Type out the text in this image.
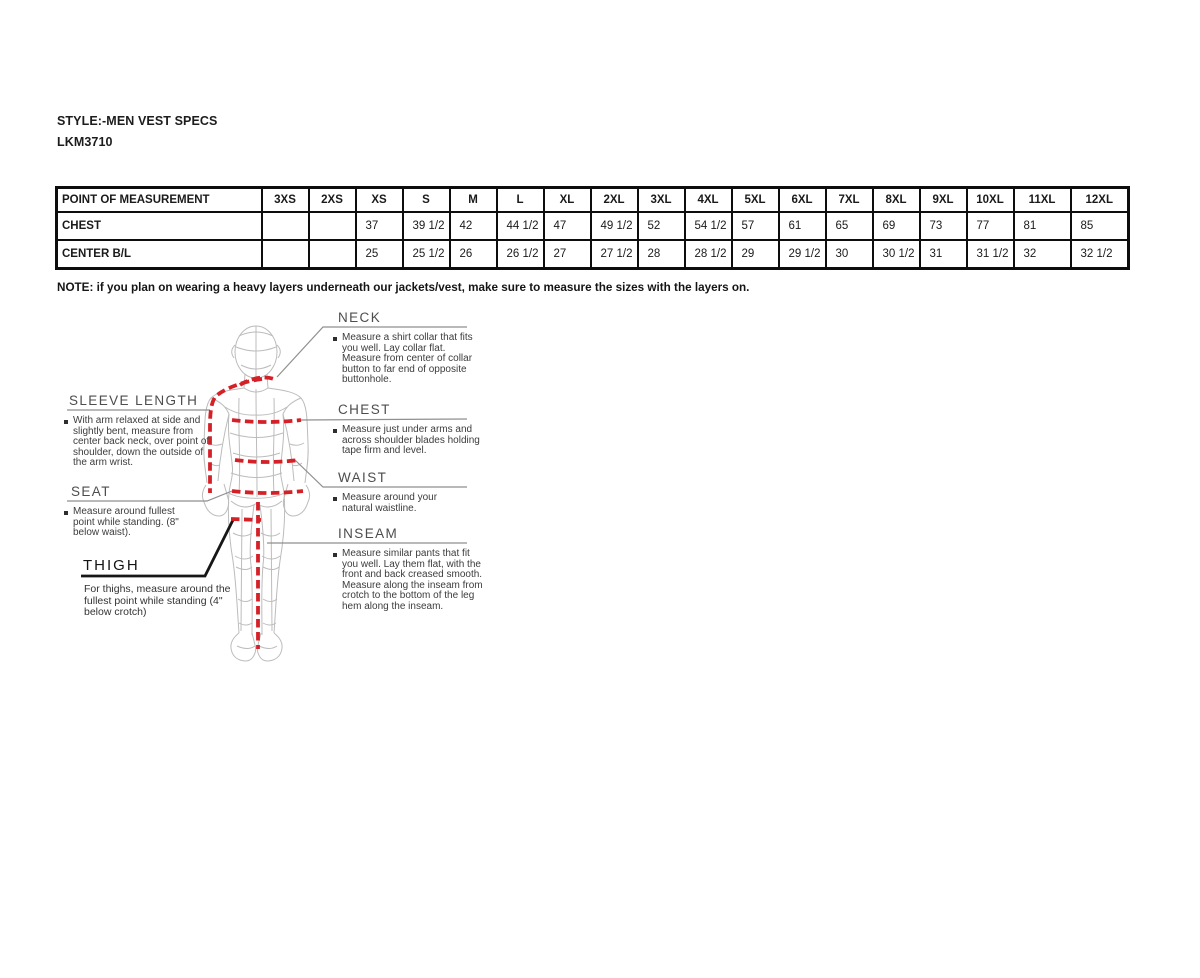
STYLE:-MEN VEST SPECS
LKM3710
POINT OF MEASUREMENT	3XS	2XS	XS	S	M	L	XL	2XL	3XL	4XL	5XL	6XL	7XL	8XL	9XL	10XL	11XL	12XL
CHEST			37	39 1/2	42	44 1/2	47	49 1/2	52	54 1/2	57	61	65	69	73	77	81	85
CENTER B/L			25	25 1/2	26	26 1/2	27	27 1/2	28	28 1/2	29	29 1/2	30	30 1/2	31	31 1/2	32	32 1/2
NOTE: if you plan on wearing a heavy layers underneath our jackets/vest, make sure to measure the sizes with the layers on.
NECK
Measure a shirt collar that fits you well. Lay collar flat. Measure from center of collar button to far end of opposite buttonhole.
CHEST
Measure just under arms and across shoulder blades holding tape firm and level.
WAIST
Measure around your natural waistline.
INSEAM
Measure similar pants that fit you well. Lay them flat, with the front and back creased smooth. Measure along the inseam from crotch to the bottom of the leg hem along the inseam.
SLEEVE LENGTH
With arm relaxed at side and slightly bent, measure from center back neck, over point of shoulder, down the outside of the arm wrist.
SEAT
Measure around fullest point while standing. (8" below waist).
THIGH
For thighs, measure around the fullest point while standing (4" below crotch)
